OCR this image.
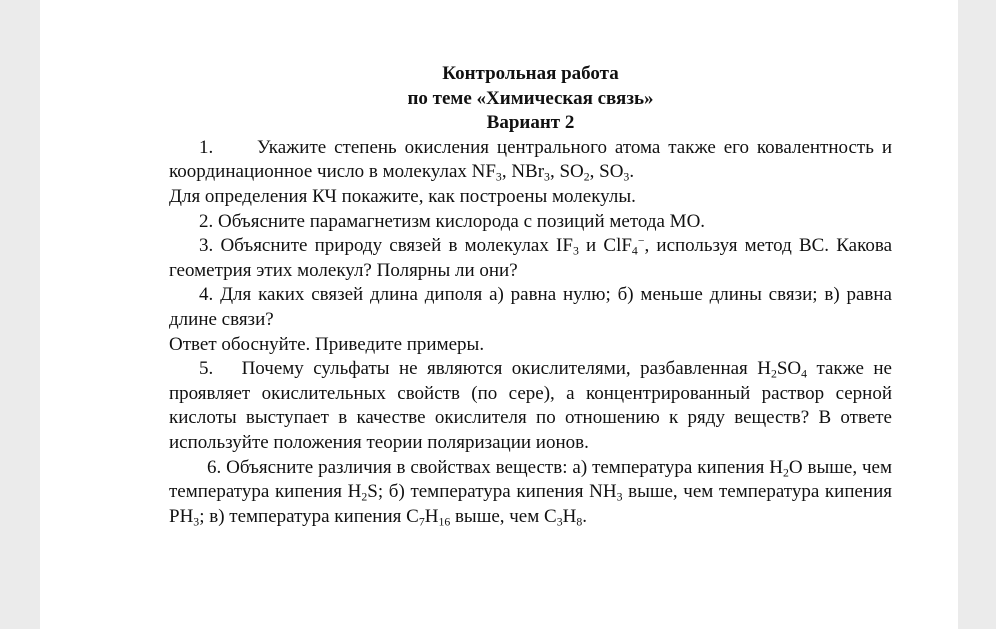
Контрольная работа

по теме «Химическая связь»

Вариант 2

1. Укажите степень окисления центрального атома также его ковалентность и координационное число в молекулах $NF_3$, NBr$_3$, $SO_2$, $SO_3$.

Для определения КЧ покажите, как построены молекулы.

2. Объясните парамагнетизм кислорода с позиций метода МО.

3. Объясните природу связей в молекулах $IF_3$ и ClF$_4$−, используя метод ВС. Какова геометрия этих молекул? Полярны ли они?

4. Для каких связей длина диполя а) равна нулю; б) меньше длины связи; в) равна длине связи?

Ответ обоснуйте. Приведите примеры.

5. Почему сульфаты не являются окислителями, разбавленная $H_2SO_4$ также не проявляет окислительных свойств (по сере), а концентрированный раствор серной кислоты выступает в качестве окислителя по отношению к ряду веществ? В ответе используйте положения теории поляризации ионов.

6. Объясните различия в свойствах веществ: а) температура кипения $H_2O$ выше, чем температура кипения $H_2S$; б) температура кипения $NH_3$ выше, чем температура кипения $PH_3$; в) температура кипения $C_7H_{16}$ выше, чем $C_3H_8$.
